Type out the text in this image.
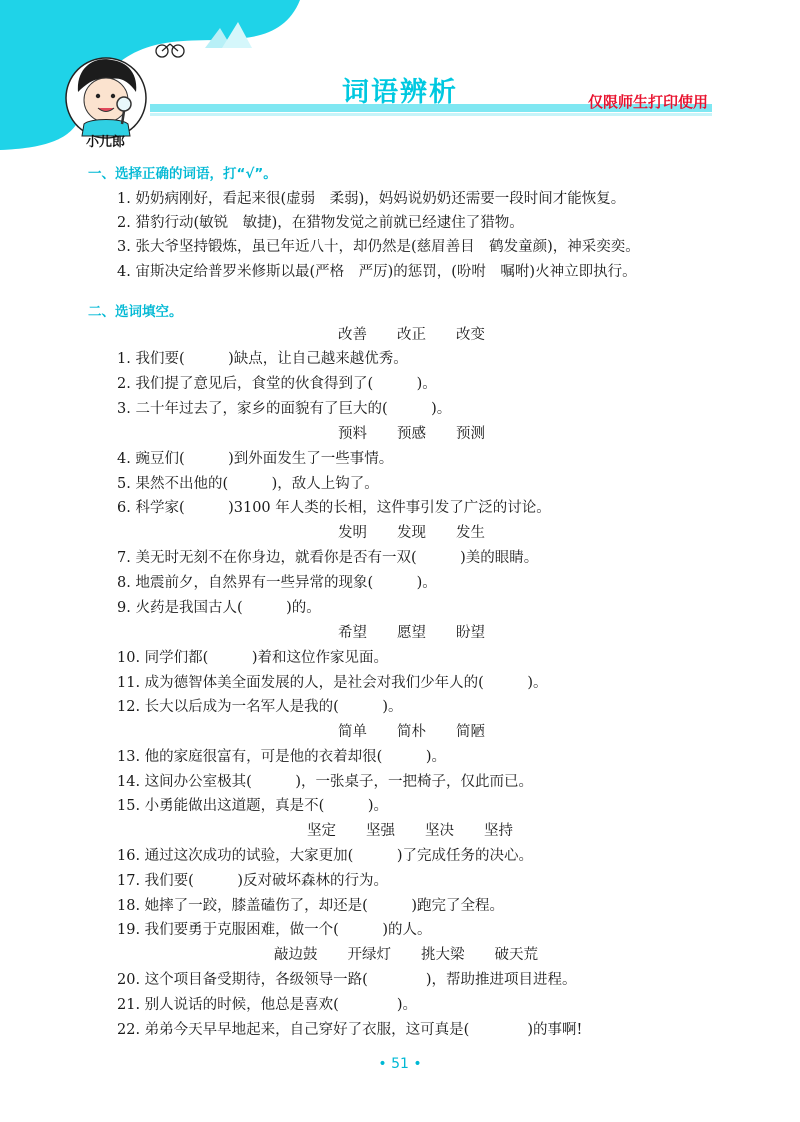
小儿郎
词语辨析	仅限师生打印使用
一、选择正确的词语，打“√”。
1. 奶奶病刚好，看起来很(虚弱　柔弱)，妈妈说奶奶还需要一段时间才能恢复。
2. 猎豹行动(敏锐　敏捷)，在猎物发觉之前就已经逮住了猎物。
3. 张大爷坚持锻炼，虽已年近八十，却仍然是(慈眉善目　鹤发童颜)，神采奕奕。
4. 宙斯决定给普罗米修斯以最(严格　严厉)的惩罚，(吩咐　嘱咐)火神立即执行。
二、选词填空。
改善 改正 改变
1. 我们要(　　　)缺点，让自己越来越优秀。
2. 我们提了意见后，食堂的伙食得到了(　　　)。
3. 二十年过去了，家乡的面貌有了巨大的(　　　)。
预料 预感 预测
4. 豌豆们(　　　)到外面发生了一些事情。
5. 果然不出他的(　　　)，敌人上钩了。
6. 科学家(　　　)3100 年人类的长相，这件事引发了广泛的讨论。
发明 发现 发生
7. 美无时无刻不在你身边，就看你是否有一双(　　　)美的眼睛。
8. 地震前夕，自然界有一些异常的现象(　　　)。
9. 火药是我国古人(　　　)的。
希望 愿望 盼望
10. 同学们都(　　　)着和这位作家见面。
11. 成为德智体美全面发展的人，是社会对我们少年人的(　　　)。
12. 长大以后成为一名军人是我的(　　　)。
简单 简朴 简陋
13. 他的家庭很富有，可是他的衣着却很(　　　)。
14. 这间办公室极其(　　　)，一张桌子，一把椅子，仅此而已。
15. 小勇能做出这道题，真是不(　　　)。
坚定 坚强 坚决 坚持
16. 通过这次成功的试验，大家更加(　　　)了完成任务的决心。
17. 我们要(　　　)反对破坏森林的行为。
18. 她摔了一跤，膝盖磕伤了，却还是(　　　)跑完了全程。
19. 我们要勇于克服困难，做一个(　　　)的人。
敲边鼓 开绿灯 挑大梁 破天荒
20. 这个项目备受期待，各级领导一路(　　　　)，帮助推进项目进程。
21. 别人说话的时候，他总是喜欢(　　　　)。
22. 弟弟今天早早地起来，自己穿好了衣服，这可真是(　　　　)的事啊!
• 51 •
